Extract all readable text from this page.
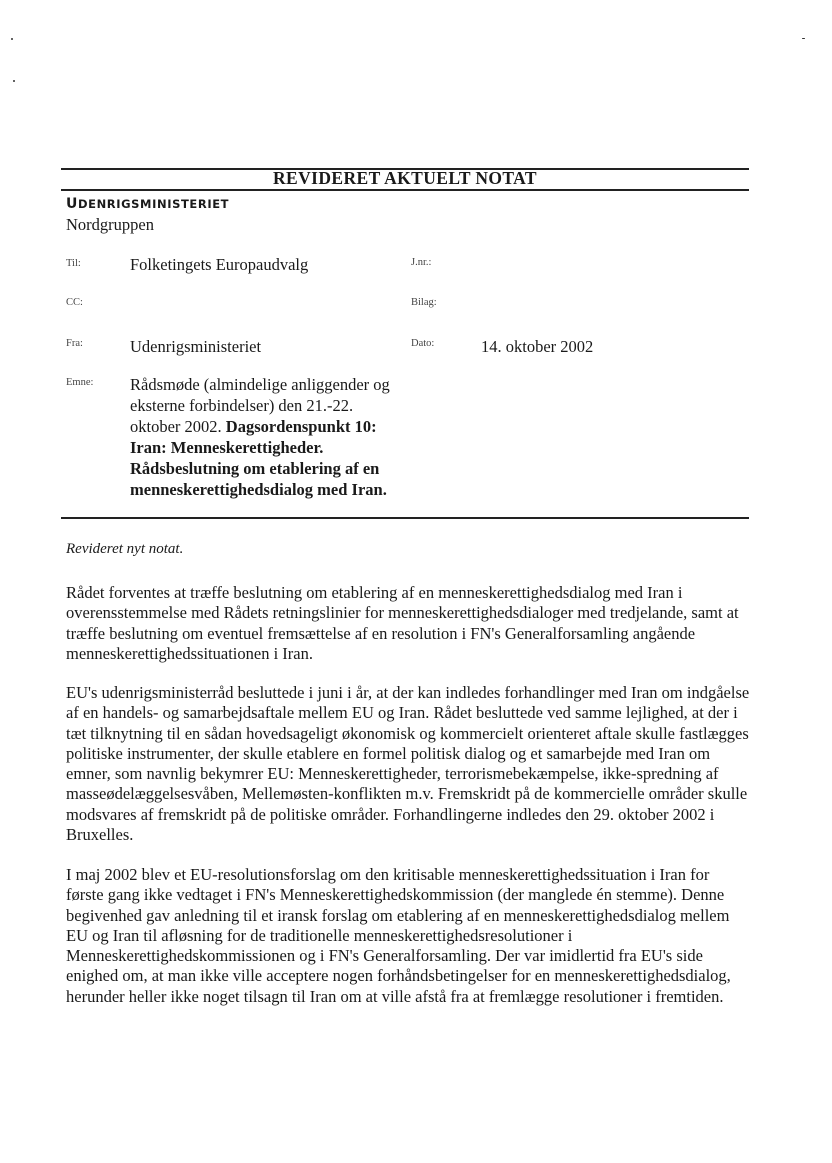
REVIDERET AKTUELT NOTAT
UDENRIGSMINISTERIET
Nordgruppen
Til:	Folketingets Europaudvalg	J.nr.:
CC:	Bilag:
Fra:	Udenrigsministeriet	Dato:	14. oktober 2002
Emne: Rådsmøde (almindelige anliggender og eksterne forbindelser) den 21.-22. oktober 2002. Dagsordenspunkt 10: Iran: Menneskerettigheder. Rådsbeslutning om etablering af en menneskerettighedsdialog med Iran.
Revideret nyt notat.
Rådet forventes at træffe beslutning om etablering af en menneskerettighedsdialog med Iran i overensstemmelse med Rådets retningslinier for menneskerettighedsdialoger med tredjelande, samt at træffe beslutning om eventuel fremsættelse af en resolution i FN's Generalforsamling angående menneskerettighedssituationen i Iran.
EU's udenrigsministerråd besluttede i juni i år, at der kan indledes forhandlinger med Iran om indgåelse af en handels- og samarbejdsaftale mellem EU og Iran. Rådet besluttede ved samme lejlighed, at der i tæt tilknytning til en sådan hovedsageligt økonomisk og kommercielt orienteret aftale skulle fastlægges politiske instrumenter, der skulle etablere en formel politisk dialog og et samarbejde med Iran om emner, som navnlig bekymrer EU: Menneskerettigheder, terrorismebekæmpelse, ikke-spredning af masseødelæggelsesvåben, Mellemøsten-konflikten m.v. Fremskridt på de kommercielle områder skulle modsvares af fremskridt på de politiske områder. Forhandlingerne indledes den 29. oktober 2002 i Bruxelles.
I maj 2002 blev et EU-resolutionsforslag om den kritisable menneskerettighedssituation i Iran for første gang ikke vedtaget i FN's Menneskerettighedskommission (der manglede én stemme). Denne begivenhed gav anledning til et iransk forslag om etablering af en menneskerettighedsdialog mellem EU og Iran til afløsning for de traditionelle menneskerettighedsresolutioner i Menneskerettighedskommissionen og i FN's Generalforsamling. Der var imidlertid fra EU's side enighed om, at man ikke ville acceptere nogen forhåndsbetingelser for en menneskerettighedsdialog, herunder heller ikke noget tilsagn til Iran om at ville afstå fra at fremlægge resolutioner i fremtiden.
